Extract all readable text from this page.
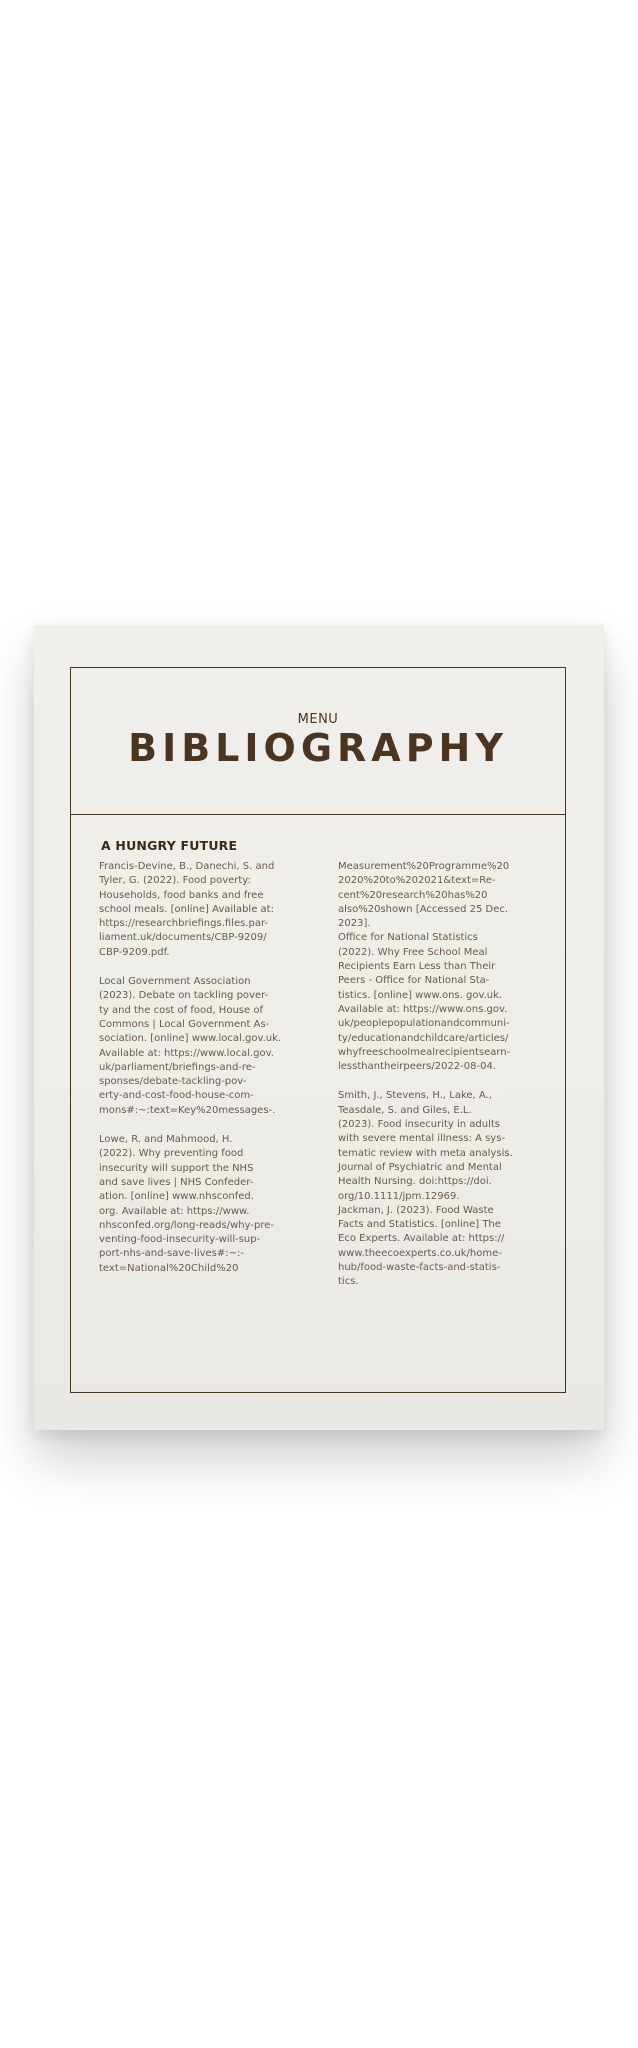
MENU
BIBLIOGRAPHY
A HUNGRY FUTURE

Francis-Devine, B., Danechi, S. and
Tyler, G. (2022). Food poverty:
Households, food banks and free
school meals. [online] Available at:
https://researchbriefings.files.par-
liament.uk/documents/CBP-9209/
CBP-9209.pdf.

Local Government Association
(2023). Debate on tackling pover-
ty and the cost of food, House of
Commons | Local Government As-
sociation. [online] www.local.gov.uk.
Available at: https://www.local.gov.
uk/parliament/briefings-and-re-
sponses/debate-tackling-pov-
erty-and-cost-food-house-com-
mons#:~:text=Key%20messages-.

Lowe, R. and Mahmood, H.
(2022). Why preventing food
insecurity will support the NHS
and save lives | NHS Confeder-
ation. [online] www.nhsconfed.
org. Available at: https://www.
nhsconfed.org/long-reads/why-pre-
venting-food-insecurity-will-sup-
port-nhs-and-save-lives#:~:-
text=National%20Child%20

Measurement%20Programme%20
2020%20to%202021&text=Re-
cent%20research%20has%20
also%20shown [Accessed 25 Dec.
2023].

Office for National Statistics
(2022). Why Free School Meal
Recipients Earn Less than Their
Peers - Office for National Sta-
tistics. [online] www.ons. gov.uk.
Available at: https://www.ons.gov.
uk/peoplepopulationandcommuni-
ty/educationandchildcare/articles/
whyfreeschoolmealrecipientsearn-
lessthantheirpeers/2022-08-04.

Smith, J., Stevens, H., Lake, A.,
Teasdale, S. and Giles, E.L.
(2023). Food insecurity in adults
with severe mental illness: A sys-
tematic review with meta analysis.
Journal of Psychiatric and Mental
Health Nursing. doi:https://doi.
org/10.1111/jpm.12969.

Jackman, J. (2023). Food Waste
Facts and Statistics. [online] The
Eco Experts. Available at: https://
www.theecoexperts.co.uk/home-
hub/food-waste-facts-and-statis-
tics.
